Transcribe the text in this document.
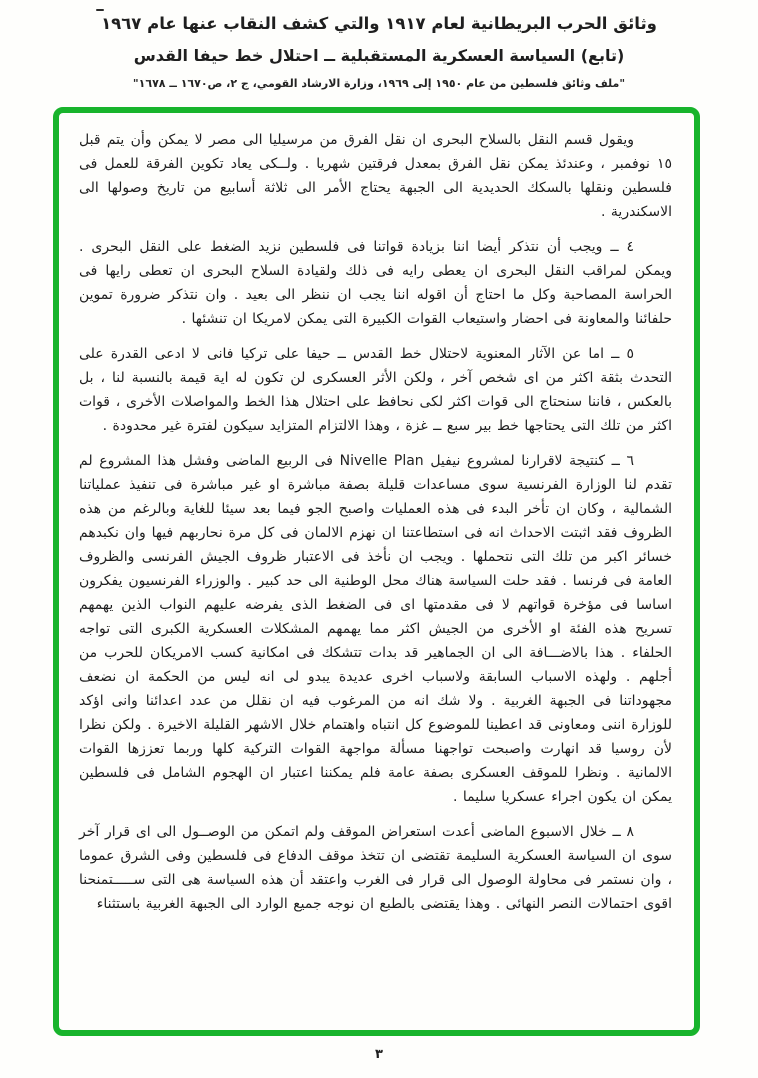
وثائق الحرب البريطانية لعام ١٩١٧ والتي كشف النقاب عنها عام ١٩٦٧
(تابع) السياسة العسكرية المستقبلية ــ احتلال خط حيفا القدس
"ملف وثائق فلسطين من عام ١٩٥٠ إلى ١٩٦٩، وزارة الارشاد القومي، ج ٢، ص١٦٧٠ ــ ١٦٧٨"

ويقول قسم النقل بالسلاح البحرى ان نقل الفرق من مرسيليا الى مصر لا يمكن وأن يتم قبل ١٥ نوفمبر ، وعندئذ يمكن نقل الفرق بمعدل فرقتين شهريا . ولــكى يعاد تكوين الفرقة للعمل فى فلسطين ونقلها بالسكك الحديدية الى الجبهة يحتاج الأمر الى ثلاثة أسابيع من تاريخ وصولها الى الاسكندرية .

٤ ــ ويجب أن نتذكر أيضا اننا بزيادة قواتنا فى فلسطين نزيد الضغط على النقل البحرى . ويمكن لمراقب النقل البحرى ان يعطى رايه فى ذلك ولقيادة السلاح البحرى ان تعطى رايها فى الحراسة المصاحبة وكل ما احتاج أن اقوله اننا يجب ان ننظر الى بعيد . وان نتذكر ضرورة تموين حلفائنا والمعاونة فى احضار واستيعاب القوات الكبيرة التى يمكن لامريكا ان تنشئها .

٥ ــ اما عن الآثار المعنوية لاحتلال خط القدس ــ حيفا على تركيا فانى لا ادعى القدرة على التحدث بثقة اكثر من اى شخص آخر ، ولكن الأثر العسكرى لن تكون له اية قيمة بالنسبة لنا ، بل بالعكس ، فاننا سنحتاج الى قوات اكثر لكى نحافظ على احتلال هذا الخط والمواصلات الأخرى ، قوات اكثر من تلك التى يحتاجها خط بير سبع ــ غزة ، وهذا الالتزام المتزايد سيكون لفترة غير محدودة .

٦ ــ كنتيجة لاقرارنا لمشروع نيفيل Nivelle Plan فى الربيع الماضى وفشل هذا المشروع لم تقدم لنا الوزارة الفرنسية سوى مساعدات قليلة بصفة مباشرة او غير مباشرة فى تنفيذ عملياتنا الشمالية ، وكان ان تأخر البدء فى هذه العمليات واصبح الجو فيما بعد سيئا للغاية وبالرغم من هذه الظروف فقد اثبتت الاحداث انه فى استطاعتنا ان نهزم الالمان فى كل مرة نحاربهم فيها وان نكبدهم خسائر اكبر من تلك التى نتحملها . ويجب ان نأخذ فى الاعتبار ظروف الجيش الفرنسى والظروف العامة فى فرنسا . فقد حلت السياسة هناك محل الوطنية الى حد كبير . والوزراء الفرنسيون يفكرون اساسا فى مؤخرة قواتهم لا فى مقدمتها اى فى الضغط الذى يفرضه عليهم النواب الذين يهمهم تسريح هذه الفئة او الأخرى من الجيش اكثر مما يهمهم المشكلات العسكرية الكبرى التى تواجه الحلفاء . هذا بالاضـــافة الى ان الجماهير قد بدات تتشكك فى امكانية كسب الامريكان للحرب من أجلهم . ولهذه الاسباب السابقة ولاسباب اخرى عديدة يبدو لى انه ليس من الحكمة ان نضعف مجهوداتنا فى الجبهة الغربية . ولا شك انه من المرغوب فيه ان نقلل من عدد اعدائنا وانى اؤكد للوزارة اننى ومعاونى قد اعطينا للموضوع كل انتباه واهتمام خلال الاشهر القليلة الاخيرة . ولكن نظرا لأن روسيا قد انهارت واصبحت تواجهنا مسألة مواجهة القوات التركية كلها وربما تعززها القوات الالمانية . ونظرا للموقف العسكرى بصفة عامة فلم يمكننا اعتبار ان الهجوم الشامل فى فلسطين يمكن ان يكون اجراء عسكريا سليما .

٨ ــ خلال الاسبوع الماضى أعدت استعراض الموقف ولم اتمكن من الوصــول الى اى قرار آخر سوى ان السياسة العسكرية السليمة تقتضى ان تتخذ موقف الدفاع فى فلسطين وفى الشرق عموما ، وان نستمر فى محاولة الوصول الى قرار فى الغرب واعتقد أن هذه السياسة هى التى ســـــتمنحنا اقوى احتمالات النصر النهائى . وهذا يقتضى بالطبع ان نوجه جميع الوارد الى الجبهة الغربية باستثناء

٣
